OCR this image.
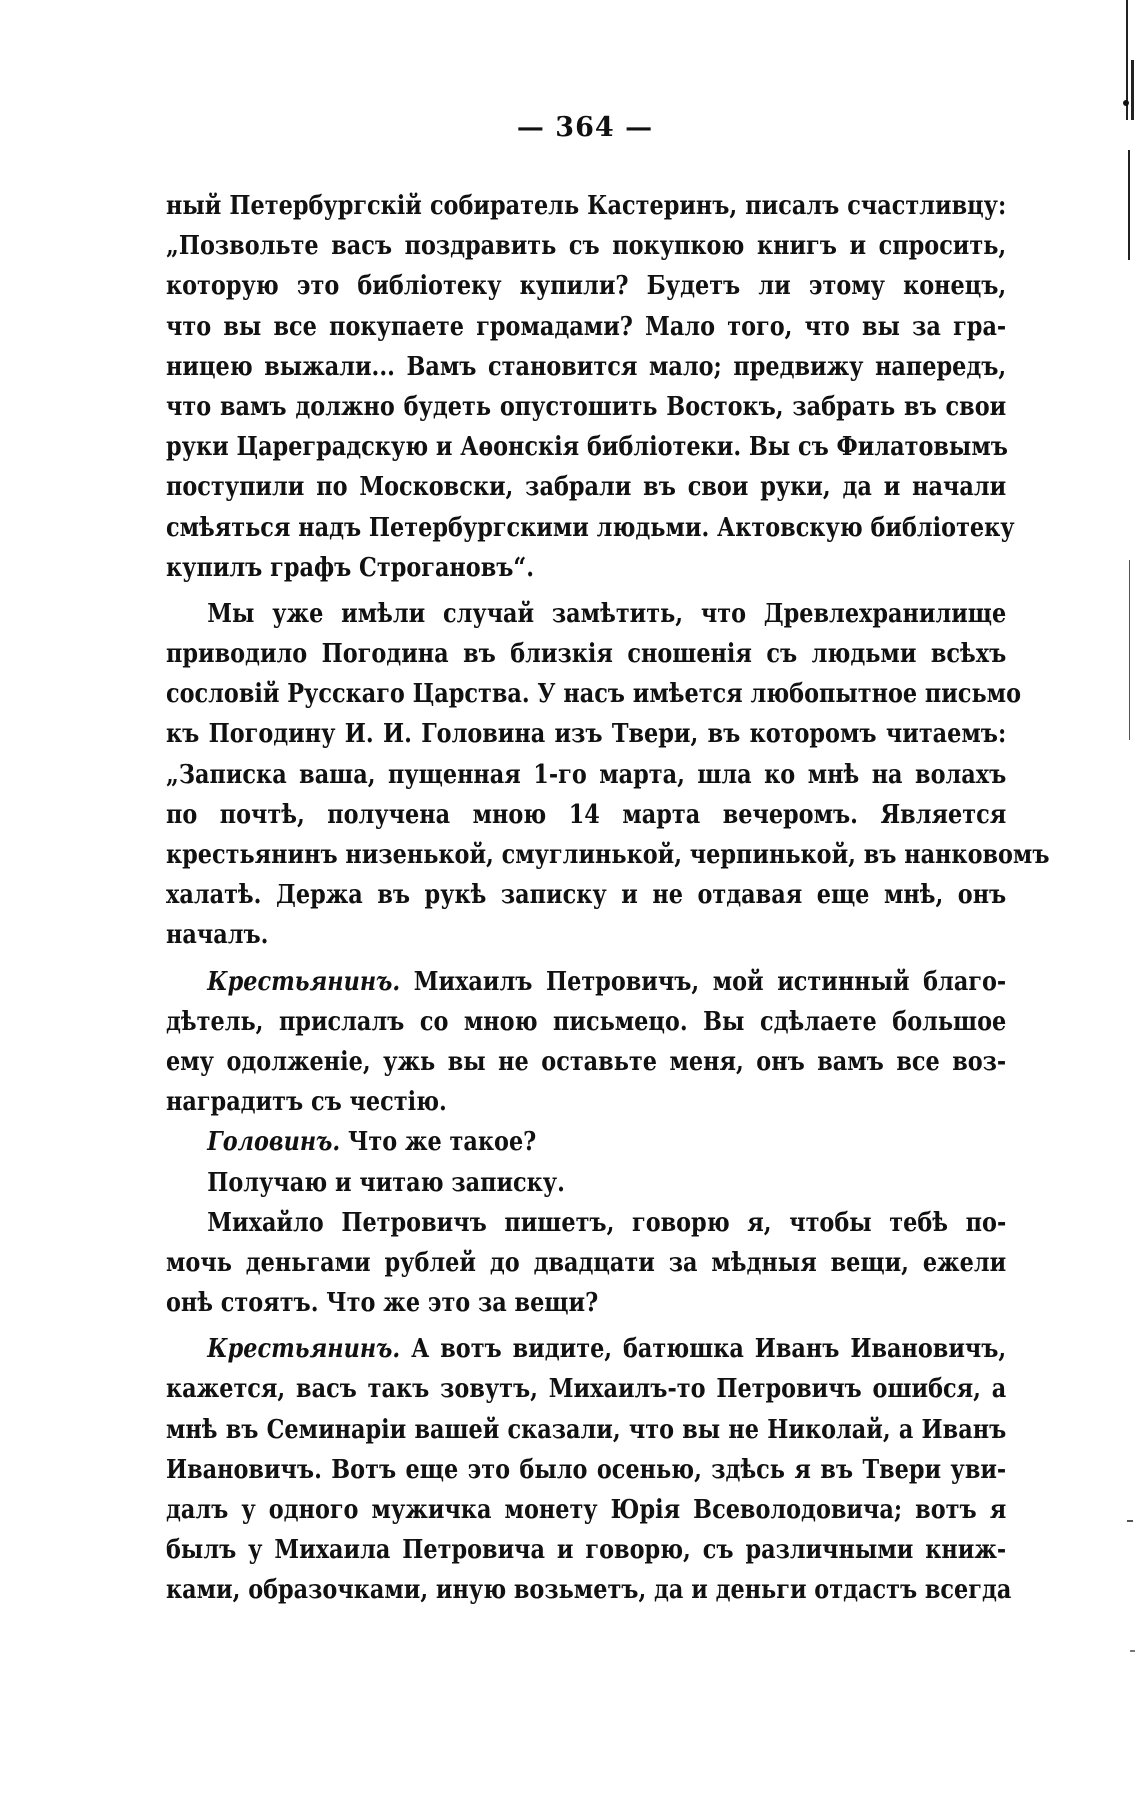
— 364 —
ный Петербургскій собиратель Кастеринъ, писалъ счастливцу:
„Позвольте васъ поздравить съ покупкою книгъ и спросить,
которую это библіотеку купили? Будетъ ли этому конецъ,
что вы все покупаете громадами? Мало того, что вы за гра-
ницею выжали... Вамъ становится мало; предвижу напередъ,
что вамъ должно будеть опустошить Востокъ, забрать въ свои
руки Цареградскую и Аѳонскія библіотеки. Вы съ Филатовымъ
поступили по Московски, забрали въ свои руки, да и начали
смѣяться надъ Петербургскими людьми. Актовскую библіотеку
купилъ графъ Строгановъ“.
Мы уже имѣли случай замѣтить, что Древлехранилище
приводило Погодина въ близкія сношенія съ людьми всѣхъ
сословій Русскаго Царства. У насъ имѣется любопытное письмо
къ Погодину И. И. Головина изъ Твери, въ которомъ читаемъ:
„Записка ваша, пущенная 1-го марта, шла ко мнѣ на волахъ
по почтѣ, получена мною 14 марта вечеромъ. Является
крестьянинъ низенькой, смуглинькой, черпинькой, въ нанковомъ
халатѣ. Держа въ рукѣ записку и не отдавая еще мнѣ, онъ
началъ.
Крестьянинъ. Михаилъ Петровичъ, мой истинный благо-
дѣтель, прислалъ со мною письмецо. Вы сдѣлаете большое
ему одолженіе, ужь вы не оставьте меня, онъ вамъ все воз-
наградитъ съ честію.
Головинъ. Что же такое?
Получаю и читаю записку.
Михайло Петровичъ пишетъ, говорю я, чтобы тебѣ по-
мочь деньгами рублей до двадцати за мѣдныя вещи, ежели
онѣ стоятъ. Что же это за вещи?
Крестьянинъ. А вотъ видите, батюшка Иванъ Ивановичъ,
кажется, васъ такъ зовутъ, Михаилъ-то Петровичъ ошибся, а
мнѣ въ Семинаріи вашей сказали, что вы не Николай, а Иванъ
Ивановичъ. Вотъ еще это было осенью, здѣсь я въ Твери уви-
далъ у одного мужичка монету Юрія Всеволодовича; вотъ я
былъ у Михаила Петровича и говорю, съ различными книж-
ками, образочками, иную возьметъ, да и деньги отдастъ всегда
